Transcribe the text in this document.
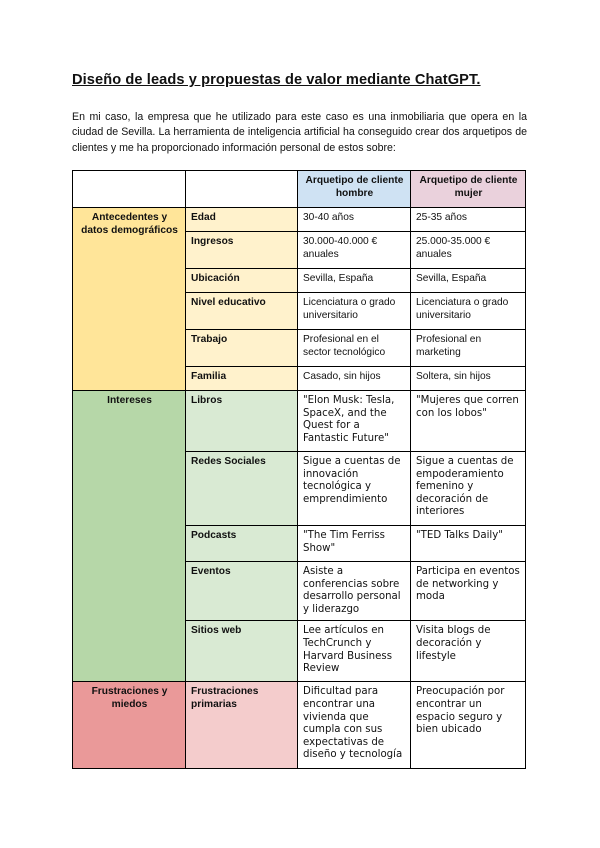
Diseño de leads y propuestas de valor mediante ChatGPT.
En mi caso, la empresa que he utilizado para este caso es una inmobiliaria que opera en la ciudad de Sevilla. La herramienta de inteligencia artificial ha conseguido crear dos arquetipos de clientes y me ha proporcionado información personal de estos sobre:
		Arquetipo de cliente hombre	Arquetipo de cliente mujer
Antecedentes y datos demográficos	Edad	30-40 años	25-35 años
	Ingresos	30.000-40.000 € anuales	25.000-35.000 € anuales
	Ubicación	Sevilla, España	Sevilla, España
	Nivel educativo	Licenciatura o grado universitario	Licenciatura o grado universitario
	Trabajo	Profesional en el sector tecnológico	Profesional en marketing
	Familia	Casado, sin hijos	Soltera, sin hijos
Intereses	Libros	"Elon Musk: Tesla, SpaceX, and the Quest for a Fantastic Future"	"Mujeres que corren con los lobos"
	Redes Sociales	Sigue a cuentas de innovación tecnológica y emprendimiento	Sigue a cuentas de empoderamiento femenino y decoración de interiores
	Podcasts	"The Tim Ferriss Show"	"TED Talks Daily"
	Eventos	Asiste a conferencias sobre desarrollo personal y liderazgo	Participa en eventos de networking y moda
	Sitios web	Lee artículos en TechCrunch y Harvard Business Review	Visita blogs de decoración y lifestyle
Frustraciones y miedos	Frustraciones primarias	Dificultad para encontrar una vivienda que cumpla con sus expectativas de diseño y tecnología	Preocupación por encontrar un espacio seguro y bien ubicado
